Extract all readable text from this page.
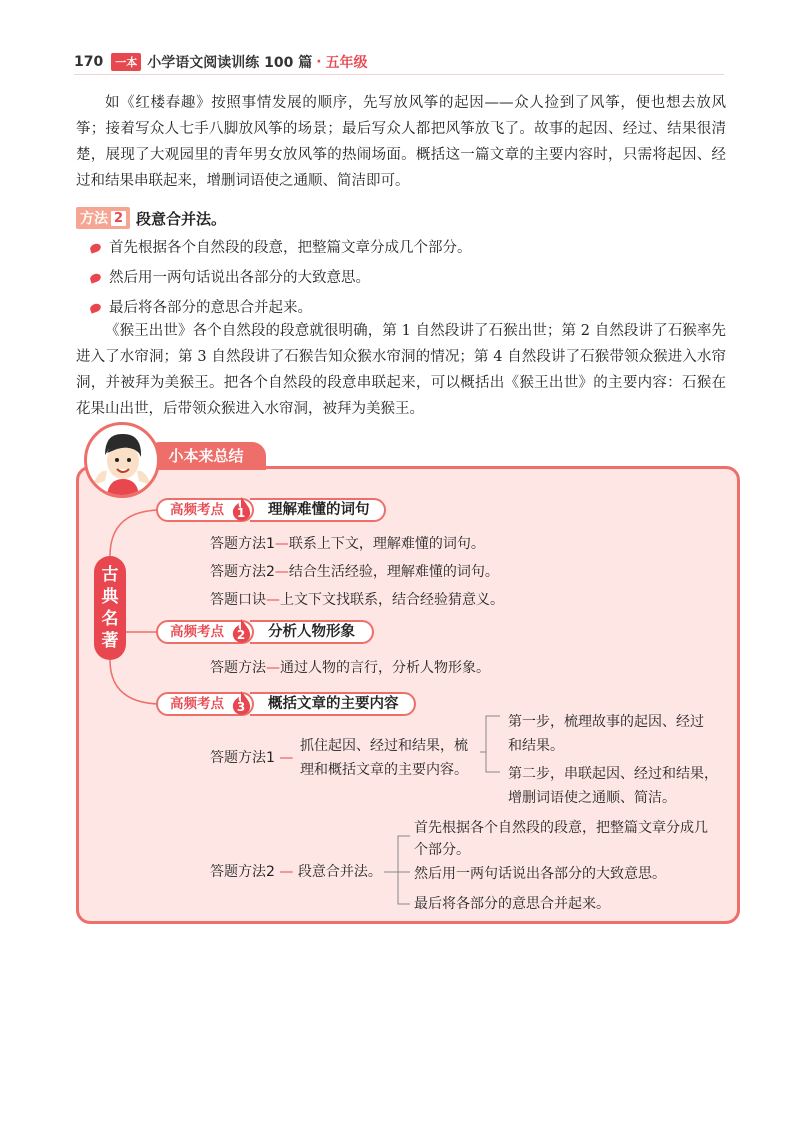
170	一本 小学语文阅读训练 100 篇 · 五年级

如《红楼春趣》按照事情发展的顺序，先写放风筝的起因——众人捡到了风筝，便也想去放风筝；接着写众人七手八脚放风筝的场景；最后写众人都把风筝放飞了。故事的起因、经过、结果很清楚，展现了大观园里的青年男女放风筝的热闹场面。概括这一篇文章的主要内容时，只需将起因、经过和结果串联起来，增删词语使之通顺、简洁即可。

方法 2 段意合并法。
首先根据各个自然段的段意，把整篇文章分成几个部分。
然后用一两句话说出各部分的大致意思。
最后将各部分的意思合并起来。

《猴王出世》各个自然段的段意就很明确，第 1 自然段讲了石猴出世；第 2 自然段讲了石猴率先进入了水帘洞；第 3 自然段讲了石猴告知众猴水帘洞的情况；第 4 自然段讲了石猴带领众猴进入水帘洞，并被拜为美猴王。把各个自然段的段意串联起来，可以概括出《猴王出世》的主要内容：石猴在花果山出世，后带领众猴进入水帘洞，被拜为美猴王。

小本来总结
古
典
名
著
高频考点	1 理解难懂的词句
答题方法1—联系上下文，理解难懂的词句。
答题方法2—结合生活经验，理解难懂的词句。
答题口诀—上文下文找联系，结合经验猜意义。
高频考点	2 分析人物形象
答题方法—通过人物的言行，分析人物形象。
高频考点	3 概括文章的主要内容
答题方法1 —
抓住起因、经过和结果，梳
理和概括文章的主要内容。
第一步，梳理故事的起因、经过
和结果。
第二步，串联起因、经过和结果，
增删词语使之通顺、简洁。
答题方法2 — 段意合并法。
首先根据各个自然段的段意，把整篇文章分成几
个部分。
然后用一两句话说出各部分的大致意思。
最后将各部分的意思合并起来。
